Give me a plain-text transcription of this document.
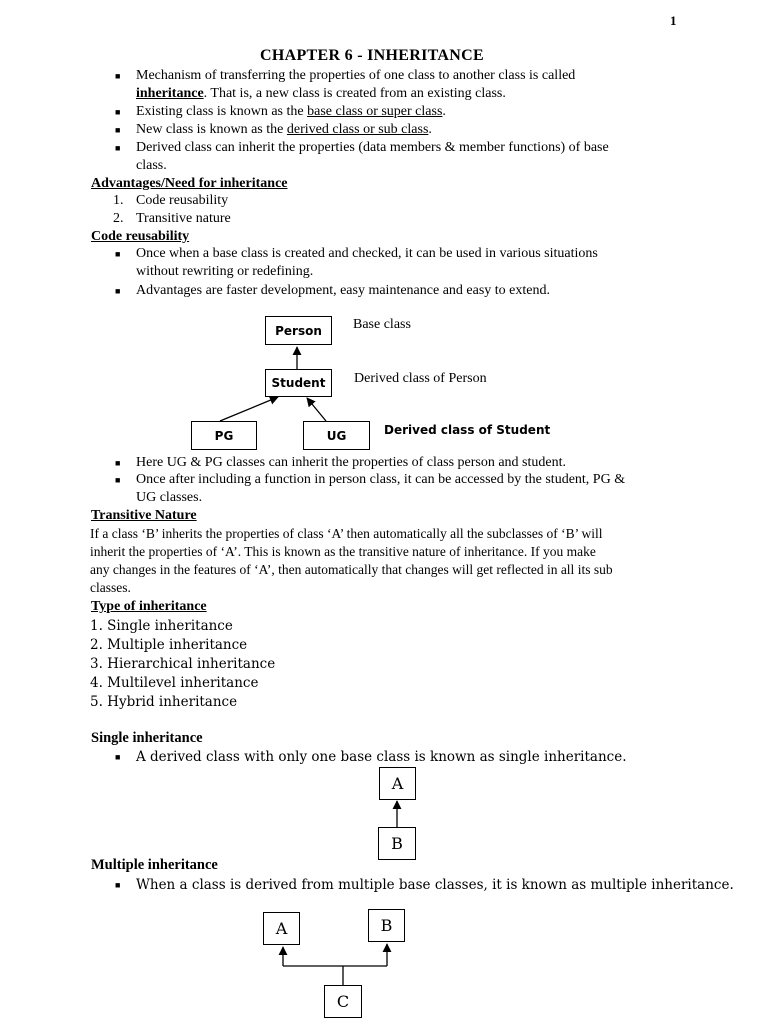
1
CHAPTER 6 - INHERITANCE
■ Mechanism of transferring the properties of one class to another class is called
inheritance. That is, a new class is created from an existing class.
■ Existing class is known as the base class or super class.
■ New class is known as the derived class or sub class.
■ Derived class can inherit the properties (data members & member functions) of base
class.
Advantages/Need for inheritance
1. Code reusability
2. Transitive nature
Code reusability
■ Once when a base class is created and checked, it can be used in various situations
without rewriting or redefining.
■ Advantages are faster development, easy maintenance and easy to extend.
Person
Student
PG	UG
Base class
Derived class of Person
Derived class of Student
■ Here UG & PG classes can inherit the properties of class person and student.
■ Once after including a function in person class, it can be accessed by the student, PG &
UG classes.
Transitive Nature
If a class ‘B’ inherits the properties of class ‘A’ then automatically all the subclasses of ‘B’ will
inherit the properties of ‘A’. This is known as the transitive nature of inheritance. If you make
any changes in the features of ‘A’, then automatically that changes will get reflected in all its sub
classes.
Type of inheritance
1. Single inheritance
2. Multiple inheritance
3. Hierarchical inheritance
4. Multilevel inheritance
5. Hybrid inheritance
Single inheritance
■ A derived class with only one base class is known as single inheritance.
A
B
Multiple inheritance
■ When a class is derived from multiple base classes, it is known as multiple inheritance.
A	B
C
